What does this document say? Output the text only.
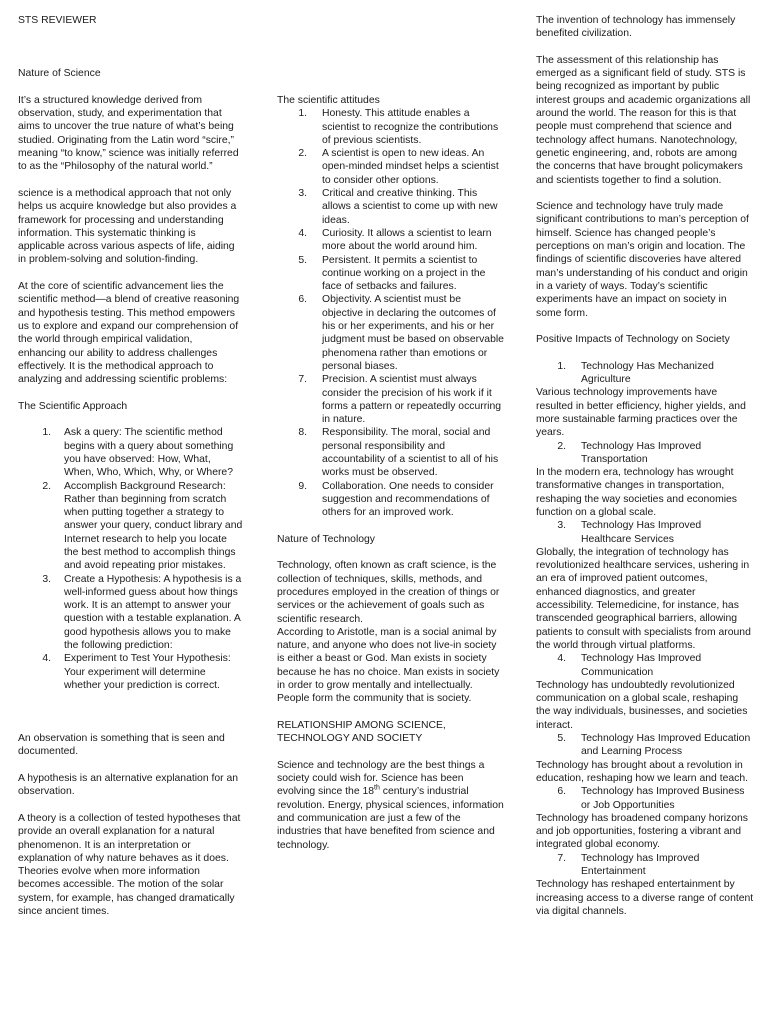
STS REVIEWER

Nature of Science

It’s a structured knowledge derived from observation, study, and experimentation that aims to uncover the true nature of what’s being studied. Originating from the Latin word “scire,” meaning “to know,” science was initially referred to as the “Philosophy of the natural world.”

science is a methodical approach that not only helps us acquire knowledge but also provides a framework for processing and understanding information. This systematic thinking is applicable across various aspects of life, aiding in problem-solving and solution-finding.

At the core of scientific advancement lies the scientific method—a blend of creative reasoning and hypothesis testing. This method empowers us to explore and expand our comprehension of the world through empirical validation, enhancing our ability to address challenges effectively. It is the methodical approach to analyzing and addressing scientific problems:

The Scientific Approach

1.	Ask a query: The scientific method begins with a query about something you have observed: How, What, When, Who, Which, Why, or Where?
2.	Accomplish Background Research: Rather than beginning from scratch when putting together a strategy to answer your query, conduct library and Internet research to help you locate the best method to accomplish things and avoid repeating prior mistakes.
3.	Create a Hypothesis: A hypothesis is a well-informed guess about how things work. It is an attempt to answer your question with a testable explanation. A good hypothesis allows you to make the following prediction:
4.	Experiment to Test Your Hypothesis: Your experiment will determine whether your prediction is correct.

An observation is something that is seen and documented.

A hypothesis is an alternative explanation for an observation.

A theory is a collection of tested hypotheses that provide an overall explanation for a natural phenomenon. It is an interpretation or explanation of why nature behaves as it does. Theories evolve when more information becomes accessible. The motion of the solar system, for example, has changed dramatically since ancient times.

The scientific attitudes

1.	Honesty. This attitude enables a scientist to recognize the contributions of previous scientists.
2.	A scientist is open to new ideas. An open-minded mindset helps a scientist to consider other options.
3.	Critical and creative thinking. This allows a scientist to come up with new ideas.
4.	Curiosity. It allows a scientist to learn more about the world around him.
5.	Persistent. It permits a scientist to continue working on a project in the face of setbacks and failures.
6.	Objectivity. A scientist must be objective in declaring the outcomes of his or her experiments, and his or her judgment must be based on observable phenomena rather than emotions or personal biases.
7.	Precision. A scientist must always consider the precision of his work if it forms a pattern or repeatedly occurring in nature.
8.	Responsibility. The moral, social and personal responsibility and accountability of a scientist to all of his works must be observed.
9.	Collaboration. One needs to consider suggestion and recommendations of others for an improved work.

Nature of Technology

Technology, often known as craft science, is the collection of techniques, skills, methods, and procedures employed in the creation of things or services or the achievement of goals such as scientific research.

According to Aristotle, man is a social animal by nature, and anyone who does not live-in society is either a beast or God. Man exists in society because he has no choice. Man exists in society in order to grow mentally and intellectually.

People form the community that is society.

RELATIONSHIP AMONG SCIENCE, TECHNOLOGY AND SOCIETY

Science and technology are the best things a society could wish for. Science has been evolving since the 18th century’s industrial revolution. Energy, physical sciences, information and communication are just a few of the industries that have benefited from science and technology.

The invention of technology has immensely benefited civilization.

The assessment of this relationship has emerged as a significant field of study. STS is being recognized as important by public interest groups and academic organizations all around the world. The reason for this is that people must comprehend that science and technology affect humans. Nanotechnology, genetic engineering, and, robots are among the concerns that have brought policymakers and scientists together to find a solution.

Science and technology have truly made significant contributions to man’s perception of himself. Science has changed people’s perceptions on man’s origin and location. The findings of scientific discoveries have altered man’s understanding of his conduct and origin in a variety of ways. Today’s scientific experiments have an impact on society in some form.

Positive Impacts of Technology on Society

1.	Technology Has Mechanized Agriculture

Various technology improvements have resulted in better efficiency, higher yields, and more sustainable farming practices over the years.

2.	Technology Has Improved Transportation

In the modern era, technology has wrought transformative changes in transportation, reshaping the way societies and economies function on a global scale.

3.	Technology Has Improved Healthcare Services

Globally, the integration of technology has revolutionized healthcare services, ushering in an era of improved patient outcomes, enhanced diagnostics, and greater accessibility. Telemedicine, for instance, has transcended geographical barriers, allowing patients to consult with specialists from around the world through virtual platforms.

4.	Technology Has Improved Communication

Technology has undoubtedly revolutionized communication on a global scale, reshaping the way individuals, businesses, and societies interact.

5.	Technology Has Improved Education and Learning Process

Technology has brought about a revolution in education, reshaping how we learn and teach.

6.	Technology has Improved Business or Job Opportunities

Technology has broadened company horizons and job opportunities, fostering a vibrant and integrated global economy.

7.	Technology has Improved Entertainment

Technology has reshaped entertainment by increasing access to a diverse range of content via digital channels.
